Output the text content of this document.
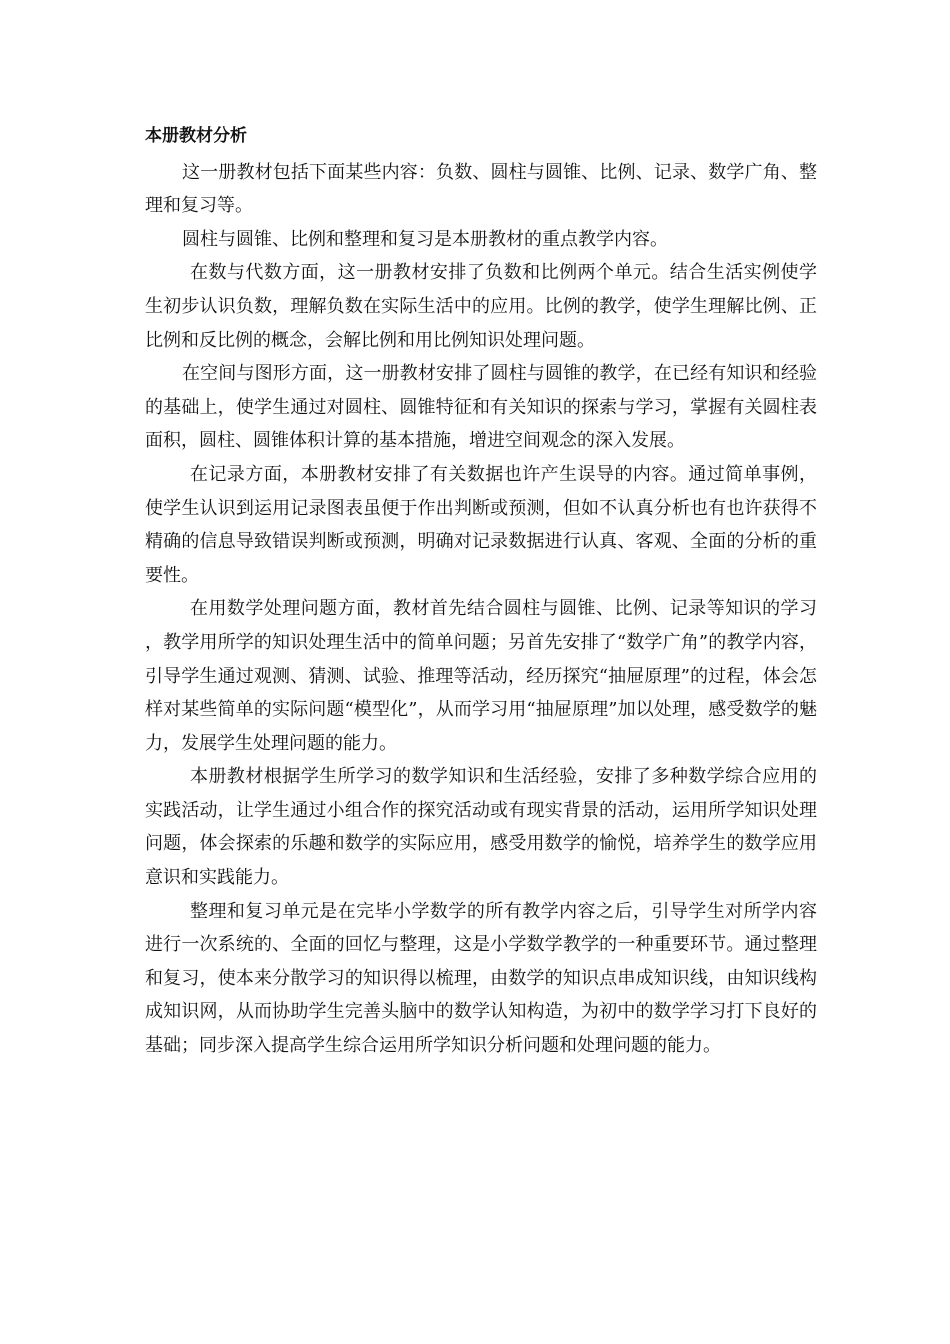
本册教材分析

这一册教材包括下面某些内容：负数、圆柱与圆锥、比例、记录、数学广角、整理和复习等。

圆柱与圆锥、比例和整理和复习是本册教材的重点教学内容。

在数与代数方面，这一册教材安排了负数和比例两个单元。结合生活实例使学生初步认识负数，理解负数在实际生活中的应用。比例的教学，使学生理解比例、正比例和反比例的概念，会解比例和用比例知识处理问题。

在空间与图形方面，这一册教材安排了圆柱与圆锥的教学，在已经有知识和经验的基础上，使学生通过对圆柱、圆锥特征和有关知识的探索与学习，掌握有关圆柱表面积，圆柱、圆锥体积计算的基本措施，增进空间观念的深入发展。

在记录方面，本册教材安排了有关数据也许产生误导的内容。通过简单事例，使学生认识到运用记录图表虽便于作出判断或预测，但如不认真分析也有也许获得不精确的信息导致错误判断或预测，明确对记录数据进行认真、客观、全面的分析的重要性。

在用数学处理问题方面，教材首先结合圆柱与圆锥、比例、记录等知识的学习，教学用所学的知识处理生活中的简单问题；另首先安排了“数学广角”的教学内容，引导学生通过观测、猜测、试验、推理等活动，经历探究“抽屉原理”的过程，体会怎样对某些简单的实际问题“模型化”，从而学习用“抽屉原理”加以处理，感受数学的魅力，发展学生处理问题的能力。

本册教材根据学生所学习的数学知识和生活经验，安排了多种数学综合应用的实践活动，让学生通过小组合作的探究活动或有现实背景的活动，运用所学知识处理问题，体会探索的乐趣和数学的实际应用，感受用数学的愉悦，培养学生的数学应用意识和实践能力。

整理和复习单元是在完毕小学数学的所有教学内容之后，引导学生对所学内容进行一次系统的、全面的回忆与整理，这是小学数学教学的一种重要环节。通过整理和复习，使本来分散学习的知识得以梳理，由数学的知识点串成知识线，由知识线构成知识网，从而协助学生完善头脑中的数学认知构造，为初中的数学学习打下良好的基础；同步深入提高学生综合运用所学知识分析问题和处理问题的能力。
